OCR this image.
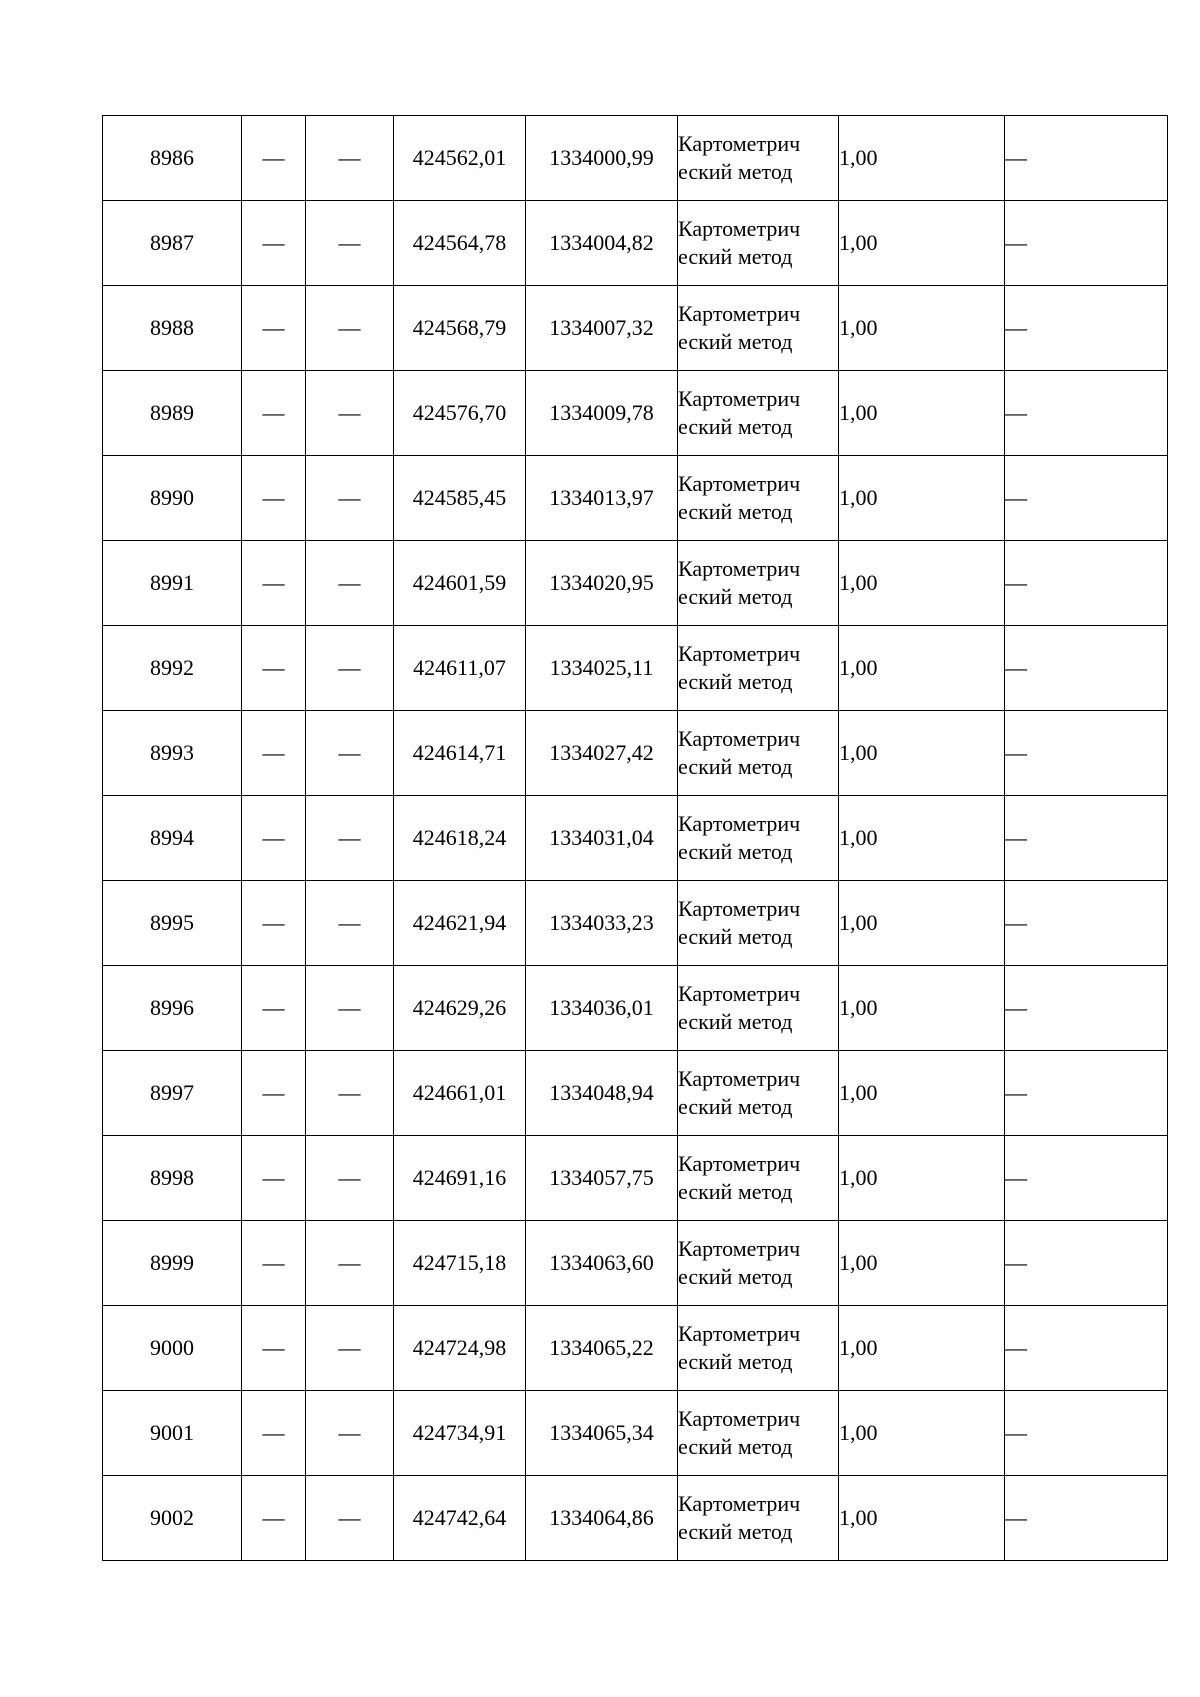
8986	—	—	424562,01	1334000,99	Картометрический метод	1,00	—
8987	—	—	424564,78	1334004,82	Картометрический метод	1,00	—
8988	—	—	424568,79	1334007,32	Картометрический метод	1,00	—
8989	—	—	424576,70	1334009,78	Картометрический метод	1,00	—
8990	—	—	424585,45	1334013,97	Картометрический метод	1,00	—
8991	—	—	424601,59	1334020,95	Картометрический метод	1,00	—
8992	—	—	424611,07	1334025,11	Картометрический метод	1,00	—
8993	—	—	424614,71	1334027,42	Картометрический метод	1,00	—
8994	—	—	424618,24	1334031,04	Картометрический метод	1,00	—
8995	—	—	424621,94	1334033,23	Картометрический метод	1,00	—
8996	—	—	424629,26	1334036,01	Картометрический метод	1,00	—
8997	—	—	424661,01	1334048,94	Картометрический метод	1,00	—
8998	—	—	424691,16	1334057,75	Картометрический метод	1,00	—
8999	—	—	424715,18	1334063,60	Картометрический метод	1,00	—
9000	—	—	424724,98	1334065,22	Картометрический метод	1,00	—
9001	—	—	424734,91	1334065,34	Картометрический метод	1,00	—
9002	—	—	424742,64	1334064,86	Картометрический метод	1,00	—
